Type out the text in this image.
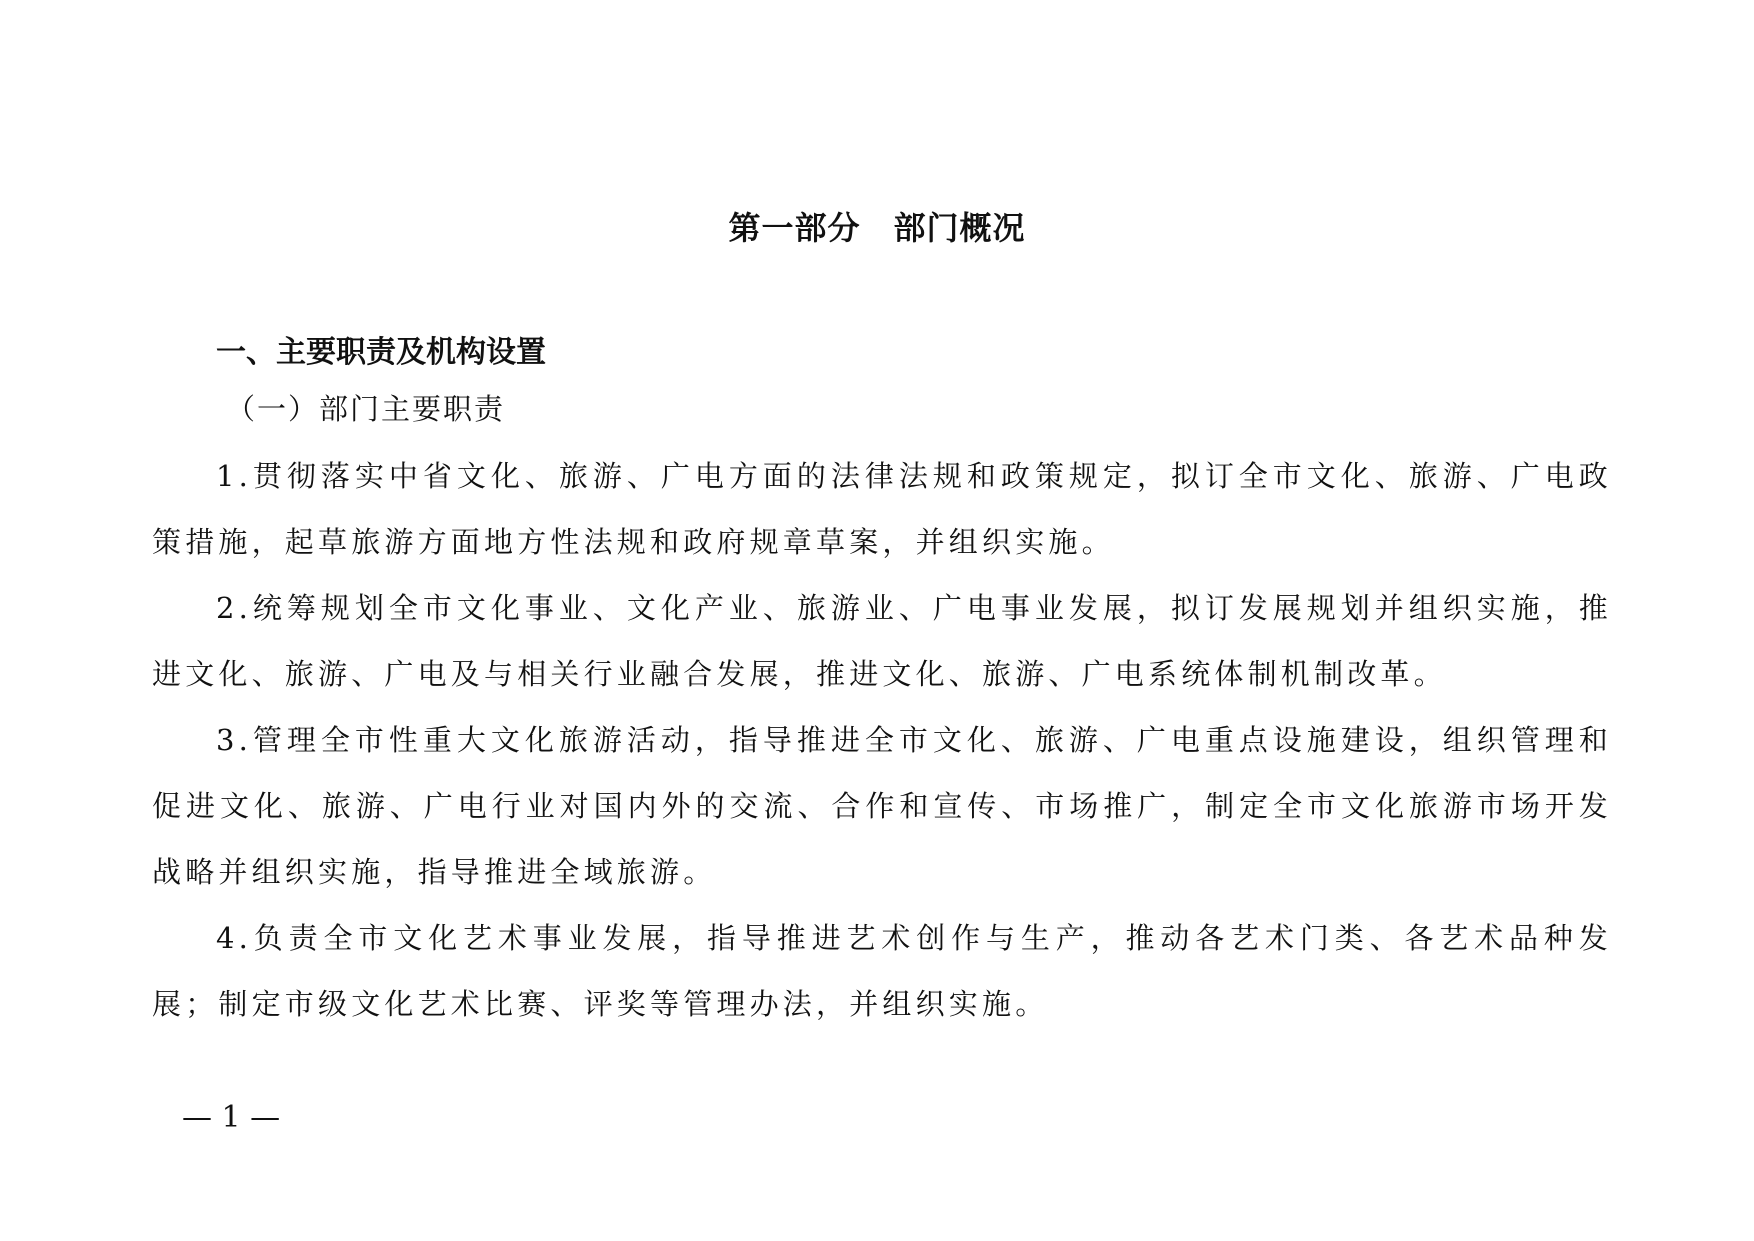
第一部分　部门概况
一、主要职责及机构设置
（一）部门主要职责

1.贯彻落实中省文化、旅游、广电方面的法律法规和政策规定，拟订全市文化、旅游、广电政策措施，起草旅游方面地方性法规和政府规章草案，并组织实施。

2.统筹规划全市文化事业、文化产业、旅游业、广电事业发展，拟订发展规划并组织实施，推进文化、旅游、广电及与相关行业融合发展，推进文化、旅游、广电系统体制机制改革。

3.管理全市性重大文化旅游活动，指导推进全市文化、旅游、广电重点设施建设，组织管理和促进文化、旅游、广电行业对国内外的交流、合作和宣传、市场推广，制定全市文化旅游市场开发战略并组织实施，指导推进全域旅游。

4.负责全市文化艺术事业发展，指导推进艺术创作与生产，推动各艺术门类、各艺术品种发展；制定市级文化艺术比赛、评奖等管理办法，并组织实施。

— 1 —
